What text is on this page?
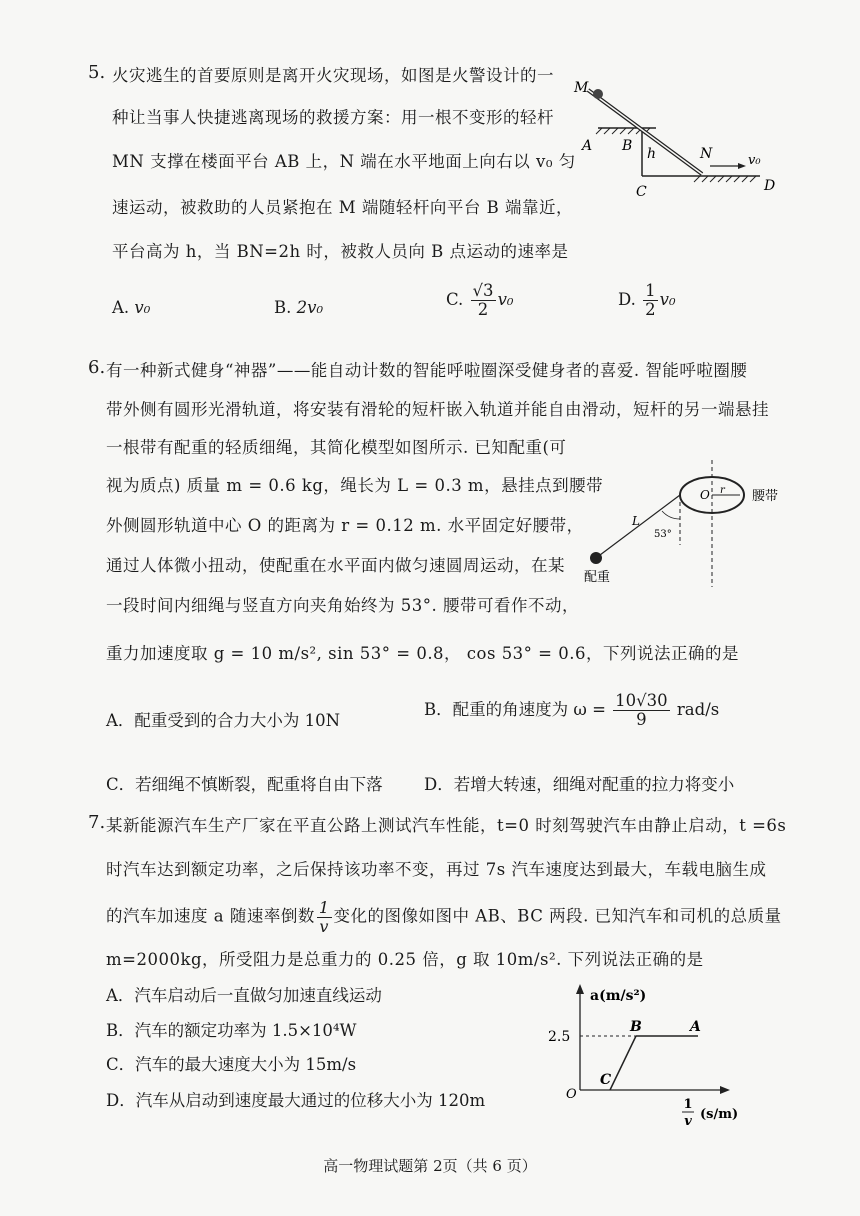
5. 火灾逃生的首要原则是离开火灾现场，如图是火警设计的一
种让当事人快捷逃离现场的救援方案：用一根不变形的轻杆
MN 支撑在楼面平台 AB 上，N 端在水平地面上向右以 v₀ 匀
速运动，被救助的人员紧抱在 M 端随轻杆向平台 B 端靠近，
平台高为 h，当 BN=2h 时，被救人员向 B 点运动的速率是
A. v₀	B. 2v₀	C. $\frac{√3}{2} v_0$	D. $\frac{1}{2} v_0$
M
A B h	N	v₀
C	D
6. 有一种新式健身“神器”——能自动计数的智能呼啦圈深受健身者的喜爱. 智能呼啦圈腰
带外侧有圆形光滑轨道，将安装有滑轮的短杆嵌入轨道并能自由滑动，短杆的另一端悬挂
一根带有配重的轻质细绳，其简化模型如图所示. 已知配重(可
视为质点) 质量 m = 0.6 kg，绳长为 L = 0.3 m，悬挂点到腰带
外侧圆形轨道中心 O 的距离为 r = 0.12 m. 水平固定好腰带，
通过人体微小扭动，使配重在水平面内做匀速圆周运动，在某
一段时间内细绳与竖直方向夹角始终为 53°. 腰带可看作不动，
重力加速度取 g = 10 m/s², sin 53° = 0.8， cos 53° = 0.6，下列说法正确的是
A．配重受到的合力大小为 10N
B．配重的角速度为 $\omega = \frac{10√30}{9} rad/s$
C．若细绳不慎断裂，配重将自由下落	D．若增大转速，细绳对配重的拉力将变小
O r 腰带
L
53°
配重
7. 某新能源汽车生产厂家在平直公路上测试汽车性能，t=0 时刻驾驶汽车由静止启动，t =6s
时汽车达到额定功率，之后保持该功率不变，再过 7s 汽车速度达到最大，车载电脑生成
的汽车加速度 a 随速率倒数 $\frac{1}{v}$ 变化的图像如图中 AB、BC 两段. 已知汽车和司机的总质量
m=2000kg，所受阻力是总重力的 0.25 倍，g 取 10m/s². 下列说法正确的是
A．汽车启动后一直做匀加速直线运动
B．汽车的额定功率为 1.5×10⁴W
C．汽车的最大速度大小为 15m/s
D．汽车从启动到速度最大通过的位移大小为 120m
a(m/s²)
2.5
O
B	A
C
1
v (s/m)
高一物理试题第 2页（共 6 页）
